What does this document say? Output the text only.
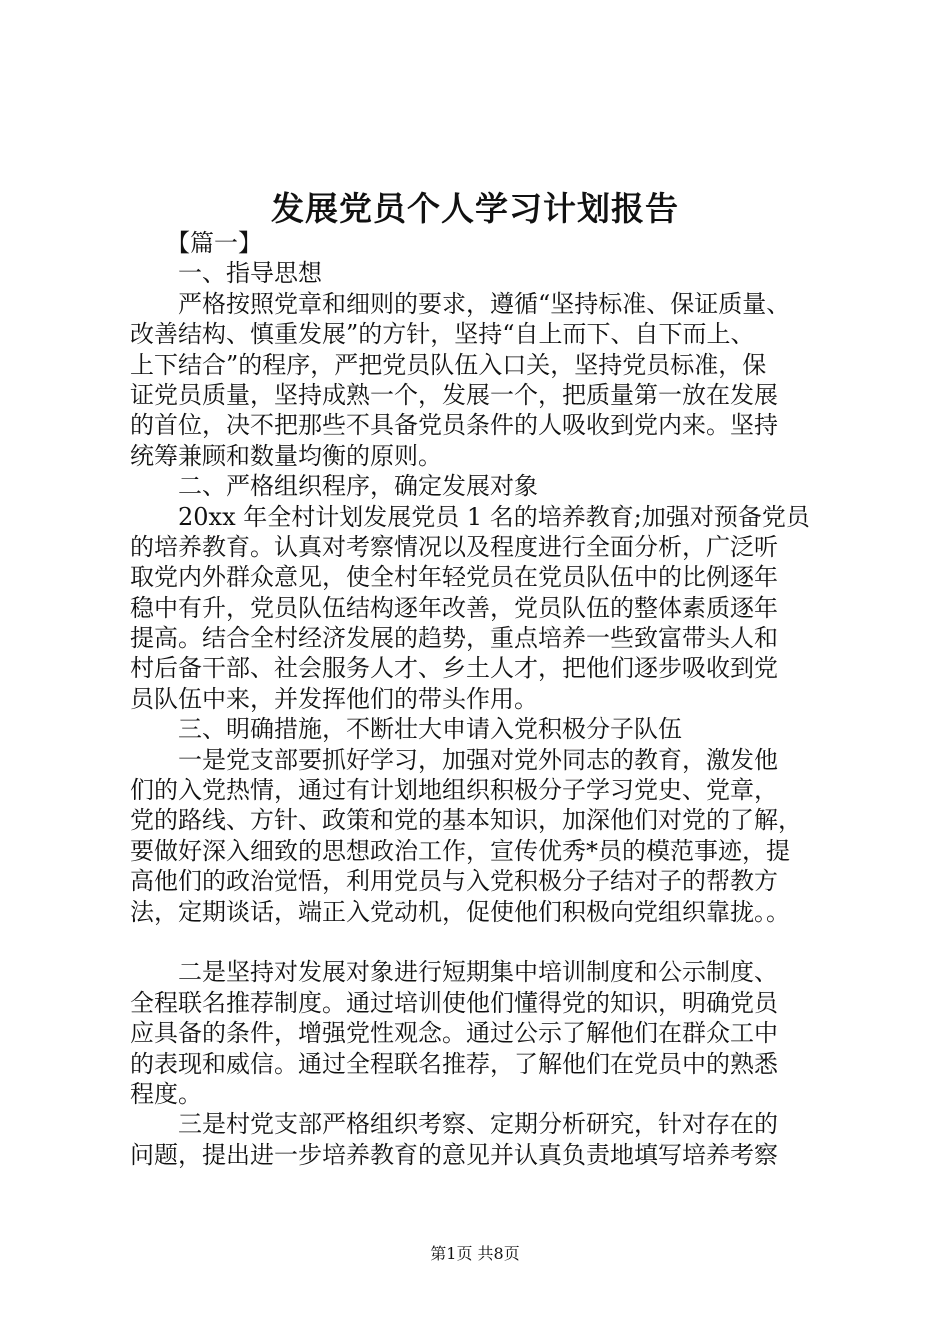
发展党员个人学习计划报告
　　【篇一】
　　一、指导思想
　　严格按照党章和细则的要求，遵循“坚持标准、保证质量、
改善结构、慎重发展”的方针，坚持“自上而下、自下而上、
上下结合”的程序，严把党员队伍入口关，坚持党员标准，保
证党员质量，坚持成熟一个，发展一个，把质量第一放在发展
的首位，决不把那些不具备党员条件的人吸收到党内来。坚持
统筹兼顾和数量均衡的原则。
　　二、严格组织程序，确定发展对象
　　20xx 年全村计划发展党员 1 名的培养教育;加强对预备党员
的培养教育。认真对考察情况以及程度进行全面分析，广泛听
取党内外群众意见，使全村年轻党员在党员队伍中的比例逐年
稳中有升，党员队伍结构逐年改善，党员队伍的整体素质逐年
提高。结合全村经济发展的趋势，重点培养一些致富带头人和
村后备干部、社会服务人才、乡土人才，把他们逐步吸收到党
员队伍中来，并发挥他们的带头作用。
　　三、明确措施，不断壮大申请入党积极分子队伍
　　一是党支部要抓好学习，加强对党外同志的教育，激发他
们的入党热情，通过有计划地组织积极分子学习党史、党章，
党的路线、方针、政策和党的基本知识，加深他们对党的了解，
要做好深入细致的思想政治工作，宣传优秀*员的模范事迹，提
高他们的政治觉悟，利用党员与入党积极分子结对子的帮教方
法，定期谈话，端正入党动机，促使他们积极向党组织靠拢。。
　　二是坚持对发展对象进行短期集中培训制度和公示制度、
全程联名推荐制度。通过培训使他们懂得党的知识，明确党员
应具备的条件，增强党性观念。通过公示了解他们在群众工中
的表现和威信。通过全程联名推荐，了解他们在党员中的熟悉
程度。
　　三是村党支部严格组织考察、定期分析研究，针对存在的
问题，提出进一步培养教育的意见并认真负责地填写培养考察
第1页 共8页
